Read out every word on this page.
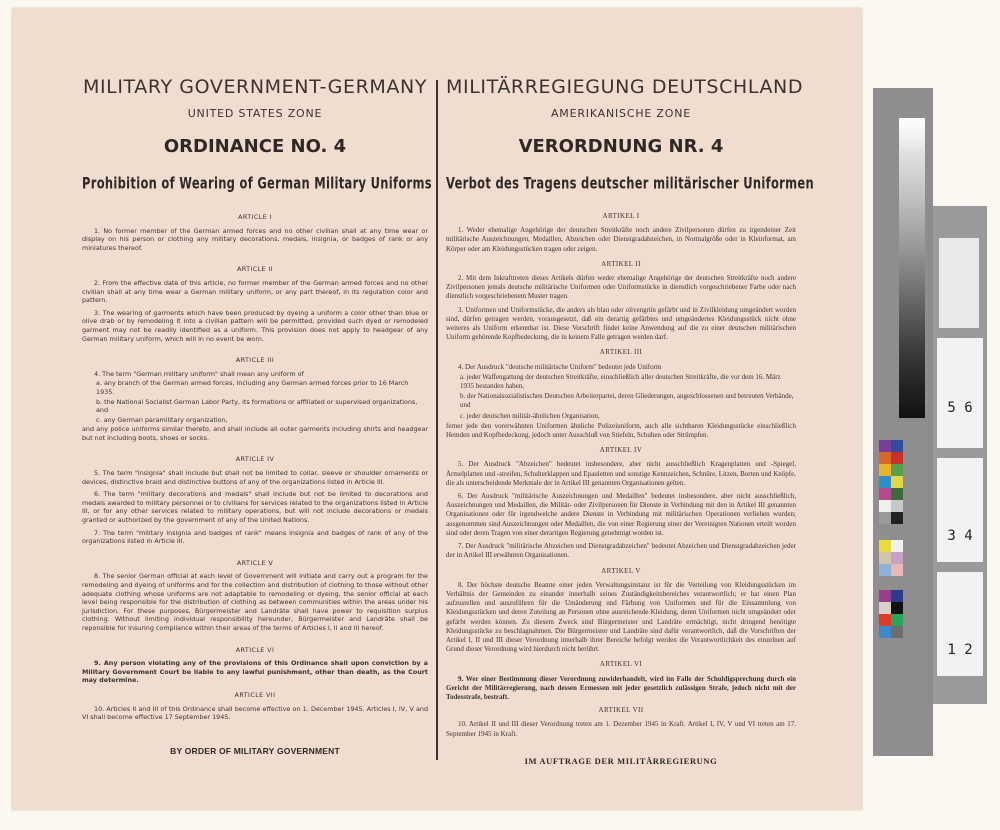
MILITARY GOVERNMENT-GERMANY
UNITED STATES ZONE
ORDINANCE NO. 4
Prohibition of Wearing of German Military Uniforms
ARTICLE I
1. No former member of the German armed forces and no other civilian shall at any time wear or display on his person or clothing any military decorations, medals, insignia, or badges of rank or any miniatures thereof.
ARTICLE II
2. From the effective date of this article, no former member of the German armed forces and no other civilian shall at any time wear a German military uniform, or any part thereof, in its regulation color and pattern.
3. The wearing of garments which have been produced by dyeing a uniform a color other than blue or olive drab or by remodeling it into a civilian pattern will be permitted, provided such dyed or remodeled garment may not be readily identified as a uniform. This provision does not apply to headgear of any German military uniform, which will in no event be worn.
ARTICLE III
4. The term "German military uniform" shall mean any uniform of
a. any branch of the German armed forces, including any German armed forces prior to 16 March 1935.
b. the National Socialist German Labor Party, its formations or affiliated or supervised organizations, and
c. any German paramilitary organization,
and any police uniforms similar thereto, and shall include all outer garments including shirts and headgear but not including boots, shoes or socks.
ARTICLE IV
5. The term "insignia" shall include but shall not be limited to collar, sleeve or shoulder ornaments or devices, distinctive braid and distinctive buttons of any of the organizations listed in Article III.
6. The term "military decorations and medals" shall include but not be limited to decorations and medals awarded to military personnel or to civilians for services related to the organizations listed in Article III, or for any other services related to military operations, but will not include decorations or medals granted or authorized by the government of any of the United Nations.
7. The term "military insignia and badges of rank" means insignia and badges of rank of any of the organizations listed in Article III.
ARTICLE V
8. The senior German official at each level of Government will initiate and carry out a program for the remodeling and dyeing of uniforms and for the collection and distribution of clothing to those without other adequate clothing whose uniforms are not adaptable to remodeling or dyeing, the senior official at each level being responsible for the distribution of clothing as between communities within the areas under his jurisdiction. For these purposes, Bürgermeister and Landräte shall have power to requisition surplus clothing. Without limiting individual responsibility hereunder, Bürgermeister and Landräte shall be reponsible for insuring compliance within their areas of the terms of Articles I, II and III hereof.
ARTICLE VI
9. Any person violating any of the provisions of this Ordinance shall upon conviction by a Military Government Court be liable to any lawful punishment, other than death, as the Court may determine.
ARTICLE VII
10. Articles II and III of this Ordinance shall become effective on 1. December 1945. Articles I, IV, V and VI shall become effective 17 September 1945.
BY ORDER OF MILITARY GOVERNMENT
MILITÄRREGIEGUNG DEUTSCHLAND
AMERIKANISCHE ZONE
VERORDNUNG NR. 4
Verbot des Tragens deutscher militärischer Uniformen
ARTIKEL I
1. Weder ehemalige Angehörige der deutschen Streitkräfte noch andere Zivilpersonen dürfen zu irgendeiner Zeit militärische Auszeichnungen, Medaillen, Abzeichen oder Dienstgradabzeichen, in Normalgröße oder in Kleinformat, am Körper oder am Kleidungsstücken tragen oder zeigen.
ARTIKEL II
2. Mit dem Inkrafttreten dieses Artikels dürfen weder ehemalige Angehörige der deutschen Streitkräfte noch andere Zivilpersonen jemals deutsche militärische Uniformen oder Uniformstücke in dienstlich vorgeschriebener Farbe oder nach dienstlich vorgeschriebenem Muster tragen.
3. Uniformen und Uniformstücke, die anders als blau oder olivengrün gefärbt und in Zivilkleidung umgeändert worden sind, dürfen getragen werden, vorausgesetzt, daß ein derartig gefärbtes und umgeändertes Kleidungsstück nicht ohne weiteres als Uniform erkennbar ist. Diese Vorschrift findet keine Anwendung auf die zu einer deutschen militärischen Uniform gehörende Kopfbedeckung, die in keinem Falle getragen werden darf.
ARTIKEL III
4. Der Ausdruck "deutsche militärische Uniform" bedeutet jede Uniform
a. jeder Waffengattung der deutschen Streitkräfte, einschließlich aller deutschen Streitkräfte, die vor dem 16. März 1935 bestanden haben,
b. der Nationalsozialistischen Deutschen Arbeiterpartei, deren Gliederungen, angeschlossenen und betreuten Verbände, und
c. jeder deutschen militär-ähnlichen Organisation,
ferner jede den vorerwähnten Uniformen ähnliche Polizeiuniform, auch alle sichtbaren Kleidungsstücke einschließlich Hemden und Kopfbedeckung, jedoch unter Ausschluß von Stiefeln, Schuhen oder Strümpfen.
ARTIKEL IV
5. Der Ausdruck "Abzeichen" bedeutet insbesondere, aber nicht ausschließlich Kragenplatten und -Spiegel, Ärmelplatten und -streifen, Schulterklappen und Epauletten und sonstige Kennzeichen, Schnüre, Litzen, Borten und Knöpfe, die als unterscheidende Merkmale der in Artikel III genannten Organisationen gelten.
6. Der Ausdruck "militärische Auszeichnungen und Medaillen" bedeutet insbesondere, aber nicht ausschließlich, Auszeichnungen und Medaillen, die Militär- oder Zivilpersonen für Dienste in Verbindung mit den in Artikel III genannten Organisationen oder für irgendwelche andere Dienste in Verbindung mit militärischen Operationen verliehen wurden; ausgenommen sind Auszeichnungen oder Medaillen, die von einer Regierung einer der Vereinigten Nationen erteilt worden sind oder deren Tragen von einer derartigen Regierung genehmigt worden ist.
7. Der Ausdruck "militärische Abzeichen und Dienstgradabzeichen" bedeutet Abzeichen und Dienstgradabzeichen jeder der in Artikel III erwähnten Organisationen.
ARTIKEL V
8. Der höchste deutsche Beamte einer jeden Verwaltungsinstanz ist für die Verteilung von Kleidungsstücken im Verhältnis der Gemeinden zu einander innerhalb seines Zuständigkeitsbereiches verantwortlich; er hat einen Plan aufzustellen und auszuführen für die Umänderung und Färbung von Uniformen und für die Einsammlung von Kleidungsstücken und deren Zuteilung an Personen ohne ausreichende Kleidung, deren Uniformen nicht umgeändert oder gefärbt werden können. Zu diesem Zweck sind Bürgermeister und Landräte ermächtigt, nicht dringend benötigte Kleidungsstücke zu beschlagnahmen. Die Bürgermeister und Landräte sind dafür verantwortlich, daß die Vorschriften der Artikel I, II und III dieser Verordnung innerhalb ihrer Bereiche befolgt werden die Verantwortlichkeit des einzelnen auf Grund dieser Verordnung wird hierdurch nicht berührt.
ARTIKEL VI
9. Wer einer Bestimmung dieser Verordnung zuwiderhandelt, wird im Falle der Schuldigsprechung durch ein Gericht der Militärregierung, nach dessen Ermessen mit jeder gesetzlich zulässigen Strafe, jedoch nicht mit der Todesstrafe, bestraft.
ARTIKEL VII
10. Artikel II und III dieser Verordnung treten am 1. Dezember 1945 in Kraft. Artikel I, IV, V und VI treten am 17. September 1945 in Kraft.
IM AUFTRAGE DER MILITÄRREGIERUNG
5 6
3 4
1 2
